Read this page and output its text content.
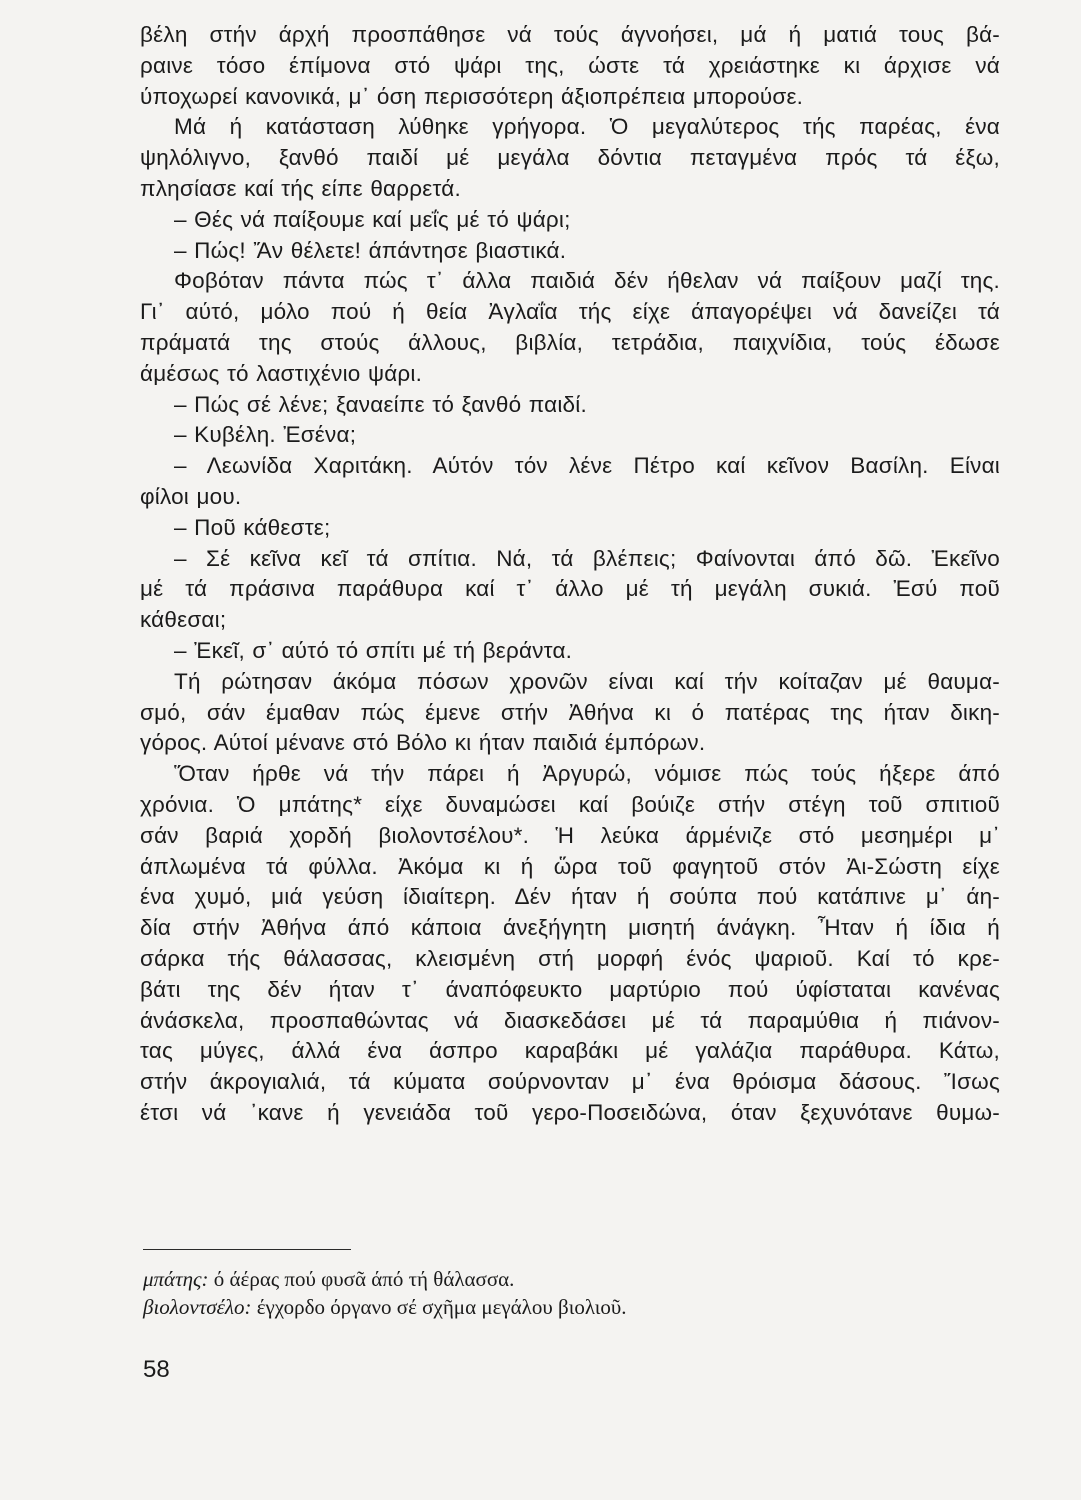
βέλη στήν άρχή προσπάθησε νά τούς άγνοήσει, μά ή ματιά τους βά-
ραινε τόσο έπίμονα στό ψάρι της, ώστε τά χρειάστηκε κι άρχισε νά
ύποχωρεί κανονικά, μ᾽ όση περισσότερη άξιοπρέπεια μπορούσε.
Μά ή κατάσταση λύθηκε γρήγορα. Ὁ μεγαλύτερος τής παρέας, ένα
ψηλόλιγνο, ξανθό παιδί μέ μεγάλα δόντια πεταγμένα πρός τά έξω,
πλησίασε καί τής είπε θαρρετά.
– Θές νά παίξουμε καί μεΐς μέ τό ψάρι;
– Πώς! Ἄν θέλετε! άπάντησε βιαστικά.
Φοβόταν πάντα πώς τ᾽ άλλα παιδιά δέν ήθελαν νά παίξουν μαζί της.
Γι᾽ αύτό, μόλο πού ή θεία Ἀγλαΐα τής είχε άπαγορέψει νά δανείζει τά
πράματά της στούς άλλους, βιβλία, τετράδια, παιχνίδια, τούς έδωσε
άμέσως τό λαστιχένιο ψάρι.
– Πώς σέ λένε; ξαναείπε τό ξανθό παιδί.
– Κυβέλη. Ἐσένα;
– Λεωνίδα Χαριτάκη. Αύτόν τόν λένε Πέτρο καί κεῖνον Βασίλη. Είναι
φίλοι μου.
– Ποῦ κάθεστε;
– Σέ κεῖνα κεῖ τά σπίτια. Νά, τά βλέπεις; Φαίνονται άπό δῶ. Ἐκεῖνο
μέ τά πράσινα παράθυρα καί τ᾽ άλλο μέ τή μεγάλη συκιά. Ἐσύ ποῦ
κάθεσαι;
– Ἐκεῖ, σ᾽ αύτό τό σπίτι μέ τή βεράντα.
Τή ρώτησαν άκόμα πόσων χρονῶν είναι καί τήν κοίταζαν μέ θαυμα-
σμό, σάν έμαθαν πώς έμενε στήν Ἀθήνα κι ό πατέρας της ήταν δικη-
γόρος. Αύτοί μένανε στό Βόλο κι ήταν παιδιά έμπόρων.
Ὅταν ήρθε νά τήν πάρει ή Ἀργυρώ, νόμισε πώς τούς ήξερε άπό
χρόνια. Ὁ μπάτης* είχε δυναμώσει καί βούιζε στήν στέγη τοῦ σπιτιοῦ
σάν βαριά χορδή βιολοντσέλου*. Ἡ λεύκα άρμένιζε στό μεσημέρι μ᾽
άπλωμένα τά φύλλα. Ἀκόμα κι ή ὥρα τοῦ φαγητοῦ στόν Ἀι-Σώστη είχε
ένα χυμό, μιά γεύση ίδιαίτερη. Δέν ήταν ή σούπα πού κατάπινε μ᾽ άη-
δία στήν Ἀθήνα άπό κάποια άνεξήγητη μισητή άνάγκη. Ἦταν ή ίδια ή
σάρκα τής θάλασσας, κλεισμένη στή μορφή ένός ψαριοῦ. Καί τό κρε-
βάτι της δέν ήταν τ᾽ άναπόφευκτο μαρτύριο πού ύφίσταται κανένας
άνάσκελα, προσπαθώντας νά διασκεδάσει μέ τά παραμύθια ή πιάνον-
τας μύγες, άλλά ένα άσπρο καραβάκι μέ γαλάζια παράθυρα. Κάτω,
στήν άκρογιαλιά, τά κύματα σούρνονταν μ᾽ ένα θρόισμα δάσους. Ἴσως
έτσι νά ᾽κανε ή γενειάδα τοῦ γερο-Ποσειδώνα, όταν ξεχυνότανε θυμω-
μπάτης: ό άέρας πού φυσᾶ άπό τή θάλασσα.
βιολοντσέλο: έγχορδο όργανο σέ σχῆμα μεγάλου βιολιοῦ.
58
